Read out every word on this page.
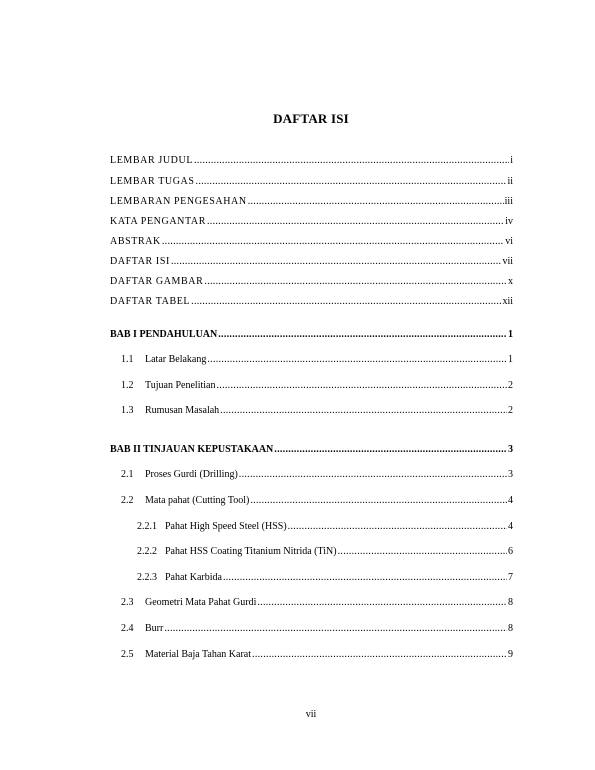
DAFTAR ISI
LEMBAR JUDUL .....	i
LEMBAR TUGAS .....	ii
LEMBARAN PENGESAHAN .....	iii
KATA PENGANTAR .....	iv
ABSTRAK .....	vi
DAFTAR ISI .....	vii
DAFTAR GAMBAR .....	x
DAFTAR TABEL .....	xii
BAB I PENDAHULUAN .....	1
1.1	Latar Belakang .....	1
1.2	Tujuan Penelitian .....	2
1.3	Rumusan Masalah .....	2
BAB II TINJAUAN KEPUSTAKAAN .....	3
2.1	Proses Gurdi (Drilling) .....	3
2.2	Mata pahat (Cutting Tool) .....	4
2.2.1 Pahat High Speed Steel (HSS) .....	4
2.2.2 Pahat HSS Coating Titanium Nitrida (TiN) .....	6
2.2.3 Pahat Karbida .....	7
2.3	Geometri Mata Pahat Gurdi .....	8
2.4	Burr .....	8
2.5	Material Baja Tahan Karat .....	9
vii
